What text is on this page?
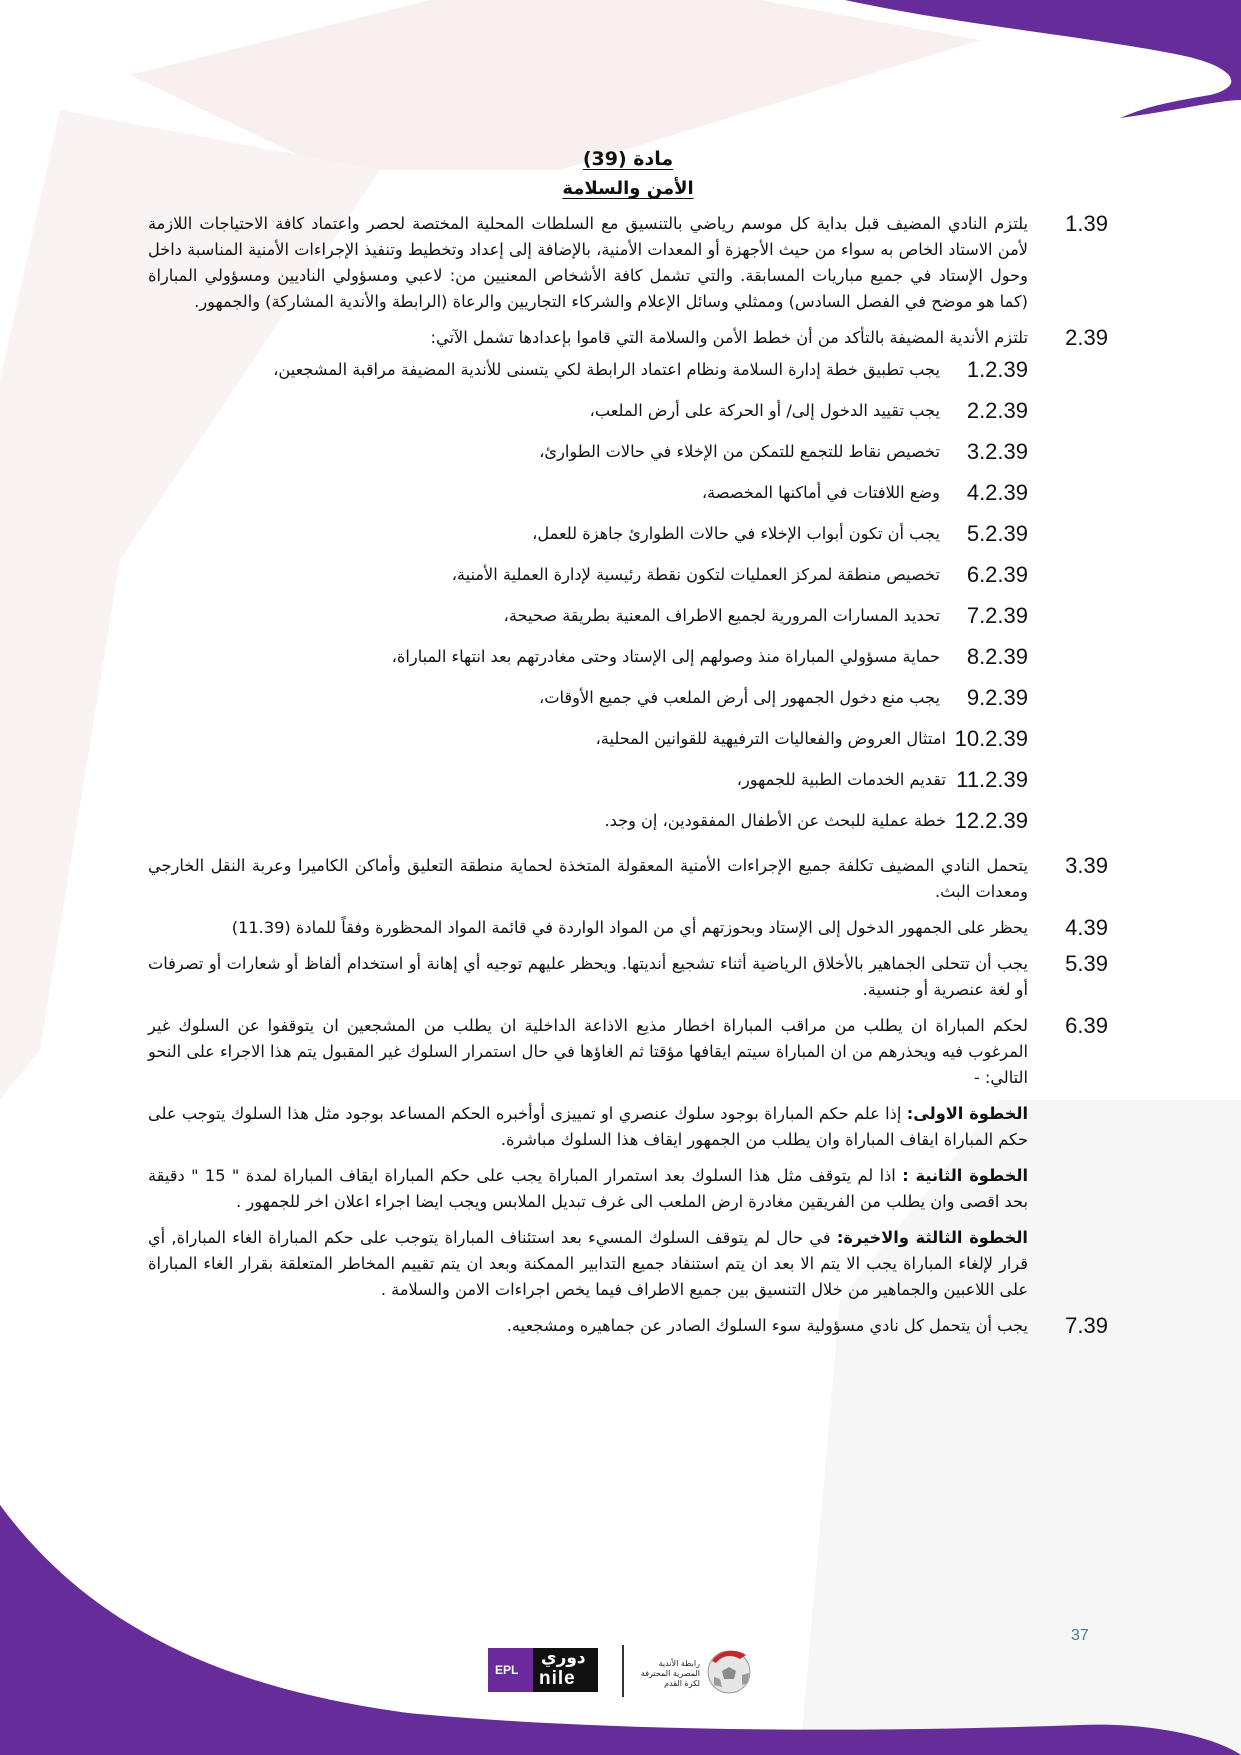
مادة (39)
الأمن والسلامة
1.39
يلتزم النادي المضيف قبل بداية كل موسم رياضي بالتنسيق مع السلطات المحلية المختصة لحصر واعتماد كافة الاحتياجات اللازمة لأمن الاستاد الخاص به سواء من حيث الأجهزة أو المعدات الأمنية، بالإضافة إلى إعداد وتخطيط وتنفيذ الإجراءات الأمنية المناسبة داخل وحول الإستاد في جميع مباريات المسابقة. والتي تشمل كافة الأشخاص المعنيين من: لاعبي ومسؤولي الناديين ومسؤولي المباراة (كما هو موضح في الفصل السادس) وممثلي وسائل الإعلام والشركاء التجاريين والرعاة (الرابطة والأندية المشاركة) والجمهور.
2.39
تلتزم الأندية المضيفة بالتأكد من أن خطط الأمن والسلامة التي قاموا بإعدادها تشمل الآتي:
1.2.39
يجب تطبيق خطة إدارة السلامة ونظام اعتماد الرابطة لكي يتسنى للأندية المضيفة مراقبة المشجعين،
2.2.39
يجب تقييد الدخول إلى/ أو الحركة على أرض الملعب،
3.2.39
تخصيص نقاط للتجمع للتمكن من الإخلاء في حالات الطوارئ،
4.2.39
وضع اللافتات في أماكنها المخصصة،
5.2.39
يجب أن تكون أبواب الإخلاء في حالات الطوارئ جاهزة للعمل،
6.2.39
تخصيص منطقة لمركز العمليات لتكون نقطة رئيسية لإدارة العملية الأمنية،
7.2.39
تحديد المسارات المرورية لجميع الاطراف المعنية بطريقة صحيحة،
8.2.39
حماية مسؤولي المباراة منذ وصولهم إلى الإستاد وحتى مغادرتهم بعد انتهاء المباراة،
9.2.39
يجب منع دخول الجمهور إلى أرض الملعب في جميع الأوقات،
10.2.39
امتثال العروض والفعاليات الترفيهية للقوانين المحلية،
11.2.39
تقديم الخدمات الطبية للجمهور،
12.2.39
خطة عملية للبحث عن الأطفال المفقودين، إن وجد.
3.39
يتحمل النادي المضيف تكلفة جميع الإجراءات الأمنية المعقولة المتخذة لحماية منطقة التعليق وأماكن الكاميرا وعربة النقل الخارجي ومعدات البث.
4.39
يحظر على الجمهور الدخول إلى الإستاد وبحوزتهم أي من المواد الواردة في قائمة المواد المحظورة وفقاً للمادة (11.39)
5.39
يجب أن تتحلى الجماهير بالأخلاق الرياضية أثناء تشجيع أنديتها. ويحظر عليهم توجيه أي إهانة أو استخدام ألفاظ أو شعارات أو تصرفات أو لغة عنصرية أو جنسية.
6.39
لحكم المباراة ان يطلب من مراقب المباراة اخطار مذيع الاذاعة الداخلية ان يطلب من المشجعين ان يتوقفوا عن السلوك غير المرغوب فيه ويحذرهم من ان المباراة سيتم ايقافها مؤقتا ثم الغاؤها في حال استمرار السلوك غير المقبول يتم هذا الاجراء على النحو التالي: -
الخطوة الاولى: إذا علم حكم المباراة بوجود سلوك عنصري او تمييزى أوأخبره الحكم المساعد بوجود مثل هذا السلوك يتوجب على حكم المباراة ايقاف المباراة وان يطلب من الجمهور ايقاف هذا السلوك مباشرة.
الخطوة الثانية : اذا لم يتوقف مثل هذا السلوك بعد استمرار المباراة يجب على حكم المباراة ايقاف المباراة لمدة " 15 " دقيقة بحد اقصى وان يطلب من الفريقين مغادرة ارض الملعب الى غرف تبديل الملابس ويجب ايضا اجراء اعلان اخر للجمهور .
الخطوة الثالثة والاخيرة: في حال لم يتوقف السلوك المسيء بعد استئناف المباراة يتوجب على حكم المباراة الغاء المباراة, أي قرار لإلغاء المباراة يجب الا يتم الا بعد ان يتم استنفاد جميع التدابير الممكنة وبعد ان يتم تقييم المخاطر المتعلقة بقرار الغاء المباراة على اللاعبين والجماهير من خلال التنسيق بين جميع الاطراف فيما يخص اجراءات الامن والسلامة .
7.39
يجب أن يتحمل كل نادي مسؤولية سوء السلوك الصادر عن جماهيره ومشجعيه.
37
EPL
دوري
nile
رابطة الأندية المصرية المحترفة لكرة القدم
